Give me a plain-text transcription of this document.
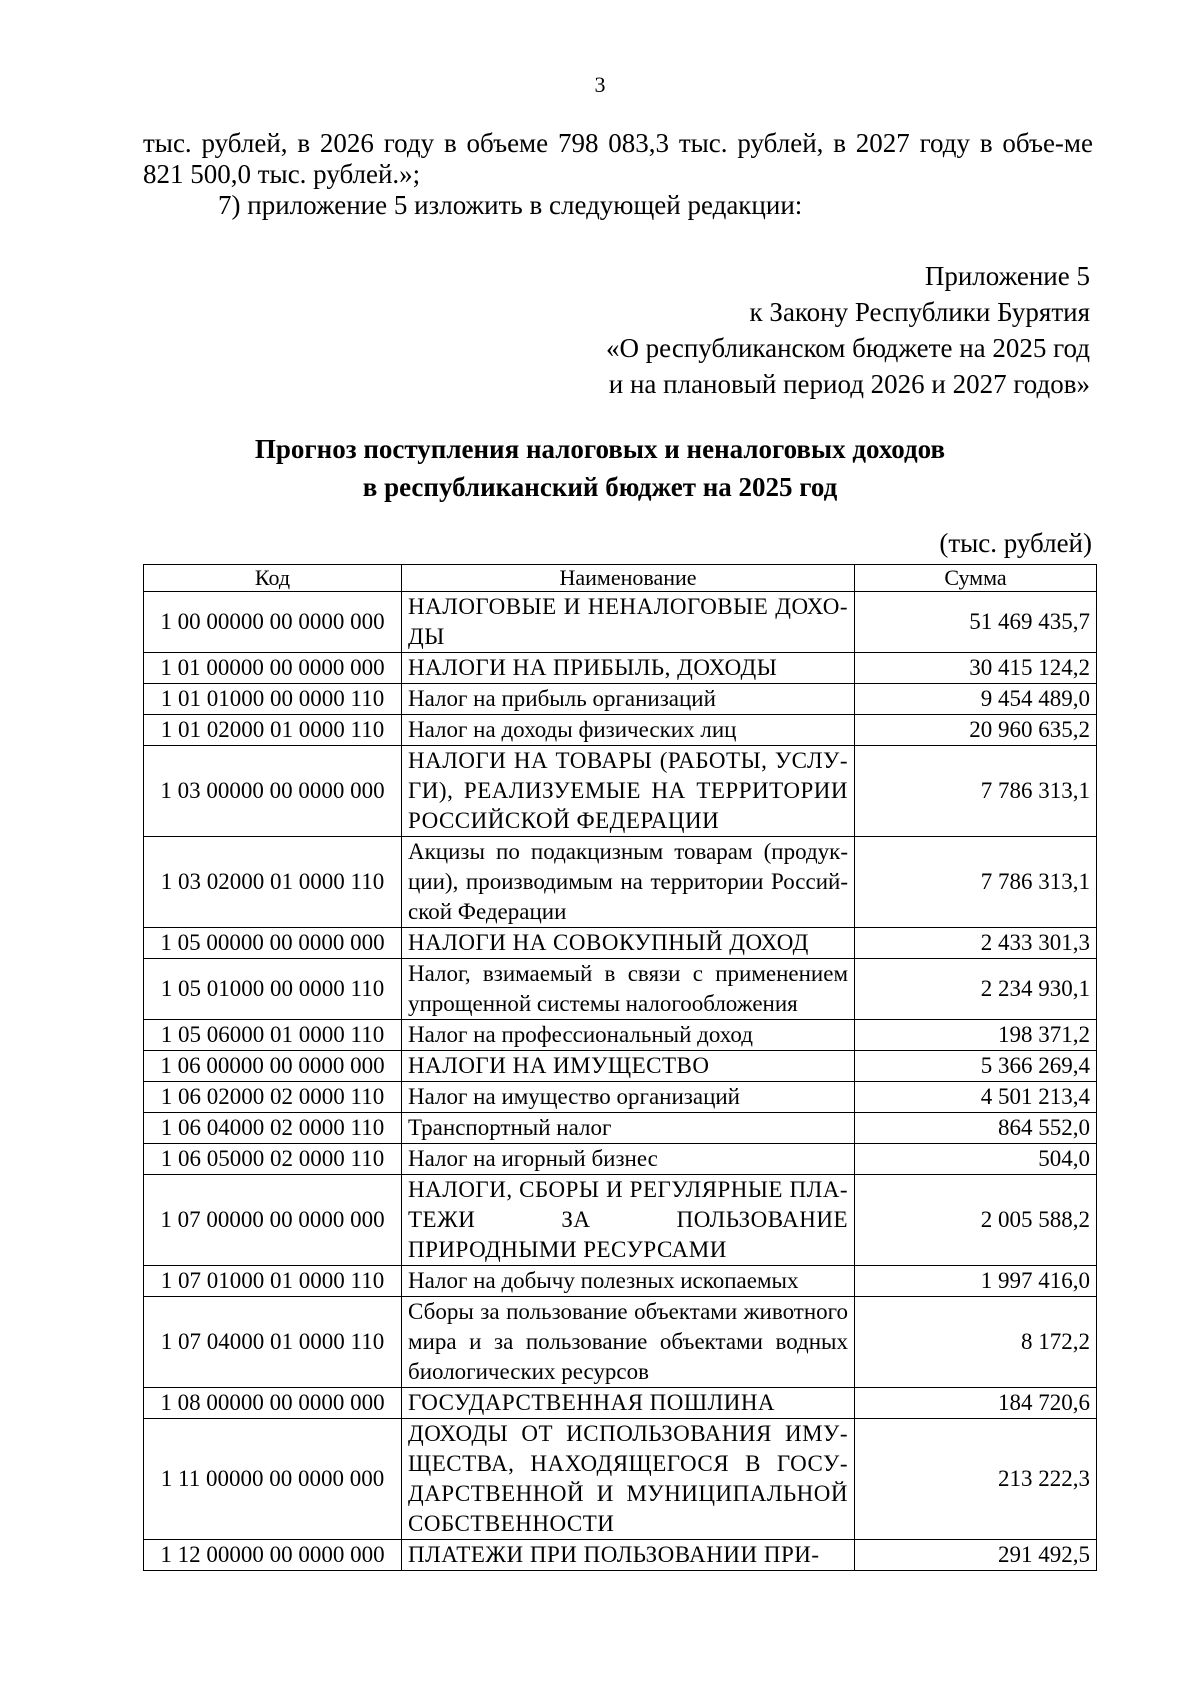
3

тыс. рублей, в 2026 году в объеме 798 083,3 тыс. рублей, в 2027 году в объе-ме 821 500,0 тыс. рублей.»;

7) приложение 5 изложить в следующей редакции:

Приложение 5
к Закону Республики Бурятия
«О республиканском бюджете на 2025 год
и на плановый период 2026 и 2027 годов»
Прогноз поступления налоговых и неналоговых доходов
в республиканский бюджет на 2025 год
(тыс. рублей)
Код	Наименование	Сумма
1 00 00000 00 0000 000	НАЛОГОВЫЕ И НЕНАЛОГОВЫЕ ДОХО-ДЫ	51 469 435,7
1 01 00000 00 0000 000	НАЛОГИ НА ПРИБЫЛЬ, ДОХОДЫ	30 415 124,2
1 01 01000 00 0000 110	Налог на прибыль организаций	9 454 489,0
1 01 02000 01 0000 110	Налог на доходы физических лиц	20 960 635,2
1 03 00000 00 0000 000	НАЛОГИ НА ТОВАРЫ (РАБОТЫ, УСЛУ-ГИ), РЕАЛИЗУЕМЫЕ НА ТЕРРИТОРИИ РОССИЙСКОЙ ФЕДЕРАЦИИ	7 786 313,1
1 03 02000 01 0000 110	Акцизы по подакцизным товарам (продук-ции), производимым на территории Россий-ской Федерации	7 786 313,1
1 05 00000 00 0000 000	НАЛОГИ НА СОВОКУПНЫЙ ДОХОД	2 433 301,3
1 05 01000 00 0000 110	Налог, взимаемый в связи с применением упрощенной системы налогообложения	2 234 930,1
1 05 06000 01 0000 110	Налог на профессиональный доход	198 371,2
1 06 00000 00 0000 000	НАЛОГИ НА ИМУЩЕСТВО	5 366 269,4
1 06 02000 02 0000 110	Налог на имущество организаций	4 501 213,4
1 06 04000 02 0000 110	Транспортный налог	864 552,0
1 06 05000 02 0000 110	Налог на игорный бизнес	504,0
1 07 00000 00 0000 000	НАЛОГИ, СБОРЫ И РЕГУЛЯРНЫЕ ПЛА-ТЕЖИ ЗА ПОЛЬЗОВАНИЕ ПРИРОДНЫМИ РЕСУРСАМИ	2 005 588,2
1 07 01000 01 0000 110	Налог на добычу полезных ископаемых	1 997 416,0
1 07 04000 01 0000 110	Сборы за пользование объектами животного мира и за пользование объектами водных биологических ресурсов	8 172,2
1 08 00000 00 0000 000	ГОСУДАРСТВЕННАЯ ПОШЛИНА	184 720,6
1 11 00000 00 0000 000	ДОХОДЫ ОТ ИСПОЛЬЗОВАНИЯ ИМУ-ЩЕСТВА, НАХОДЯЩЕГОСЯ В ГОСУ-ДАРСТВЕННОЙ И МУНИЦИПАЛЬНОЙ СОБСТВЕННОСТИ	213 222,3
1 12 00000 00 0000 000	ПЛАТЕЖИ ПРИ ПОЛЬЗОВАНИИ ПРИ-	291 492,5
